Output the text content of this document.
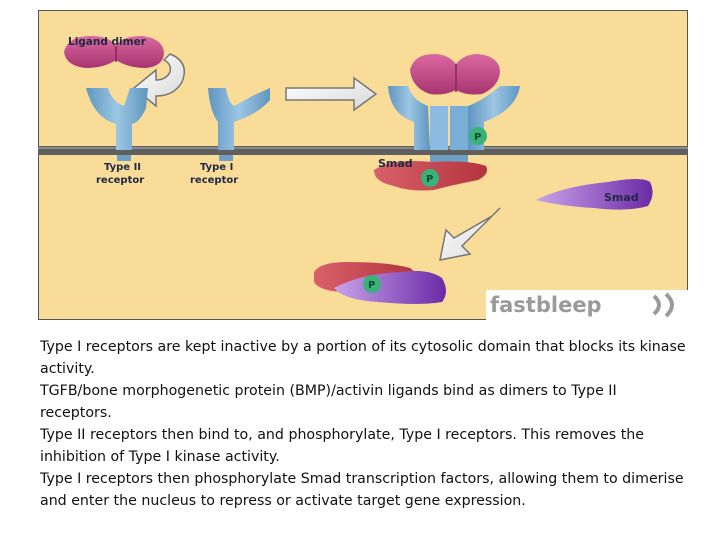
Ligand dimer
Type II
receptor
Type I
receptor
P
Smad
P
Smad
P
fastbleep

Type I receptors are kept inactive by a portion of its cytosolic domain that blocks its kinase activity.

TGFB/bone morphogenetic protein (BMP)/activin ligands bind as dimers to Type II receptors.

Type II receptors then bind to, and phosphorylate, Type I receptors. This removes the inhibition of Type I kinase activity.

Type I receptors then phosphorylate Smad transcription factors, allowing them to dimerise and enter the nucleus to repress or activate target gene expression.
